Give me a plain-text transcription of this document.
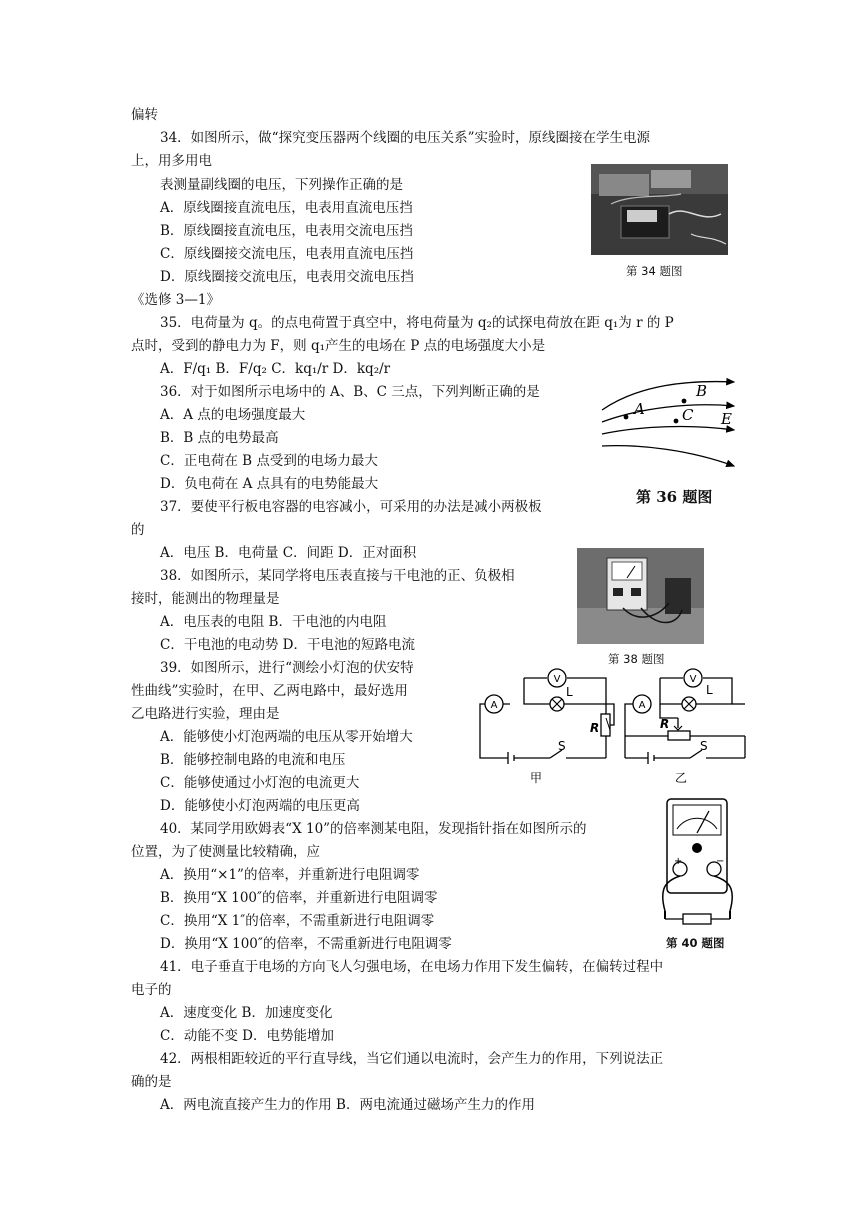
偏转
34．如图所示，做“探究变压器两个线圈的电压关系”实验时，原线圈接在学生电源
上，用多用电
表测量副线圈的电压，下列操作正确的是
A．原线圈接直流电压，电表用直流电压挡
B．原线圈接直流电压，电表用交流电压挡
C．原线圈接交流电压，电表用直流电压挡
D．原线圈接交流电压，电表用交流电压挡
《选修 3—1》
35．电荷量为 q。的点电荷置于真空中，将电荷量为 q₂的试探电荷放在距 q₁为 r 的 P
点时，受到的静电力为 F，则 q₁产生的电场在 P 点的电场强度大小是
A．F/q₁ B．F/q₂ C．kq₁/r D．kq₂/r
36．对于如图所示电场中的 A、B、C 三点，下列判断正确的是
A．A 点的电场强度最大
B．B 点的电势最高
C．正电荷在 B 点受到的电场力最大
D．负电荷在 A 点具有的电势能最大
37．要使平行板电容器的电容减小，可采用的办法是减小两极板
的
A．电压 B．电荷量 C．间距 D．正对面积
38．如图所示，某同学将电压表直接与干电池的正、负极相
接时，能测出的物理量是
A．电压表的电阻 B．干电池的内电阻
C．干电池的电动势 D．干电池的短路电流
39．如图所示，进行“测绘小灯泡的伏安特
性曲线”实验时，在甲、乙两电路中，最好选用
乙电路进行实验，理由是
A．能够使小灯泡两端的电压从零开始增大
B．能够控制电路的电流和电压
C．能够使通过小灯泡的电流更大
D．能够使小灯泡两端的电压更高
40．某同学用欧姆表“X 10”的倍率测某电阻，发现指针指在如图所示的
位置，为了使测量比较精确，应
A．换用“×1”的倍率，并重新进行电阻调零
B．换用“X 100″的倍率，并重新进行电阻调零
C．换用“X 1″的倍率，不需重新进行电阻调零
D．换用“X 100″的倍率，不需重新进行电阻调零
41．电子垂直于电场的方向飞人匀强电场，在电场力作用下发生偏转，在偏转过程中
电子的
A．速度变化 B．加速度变化
C．动能不变 D．电势能增加
42．两根相距较近的平行直导线，当它们通以电流时，会产生力的作用，下列说法正
确的是
A．两电流直接产生力的作用 B．两电流通过磁场产生力的作用
第 34 题图
A
B
C E
第 36 题图
第 38 题图
A
V
L
R
S
甲
A
V
L
R
S
乙
+	−
第 40 题图
